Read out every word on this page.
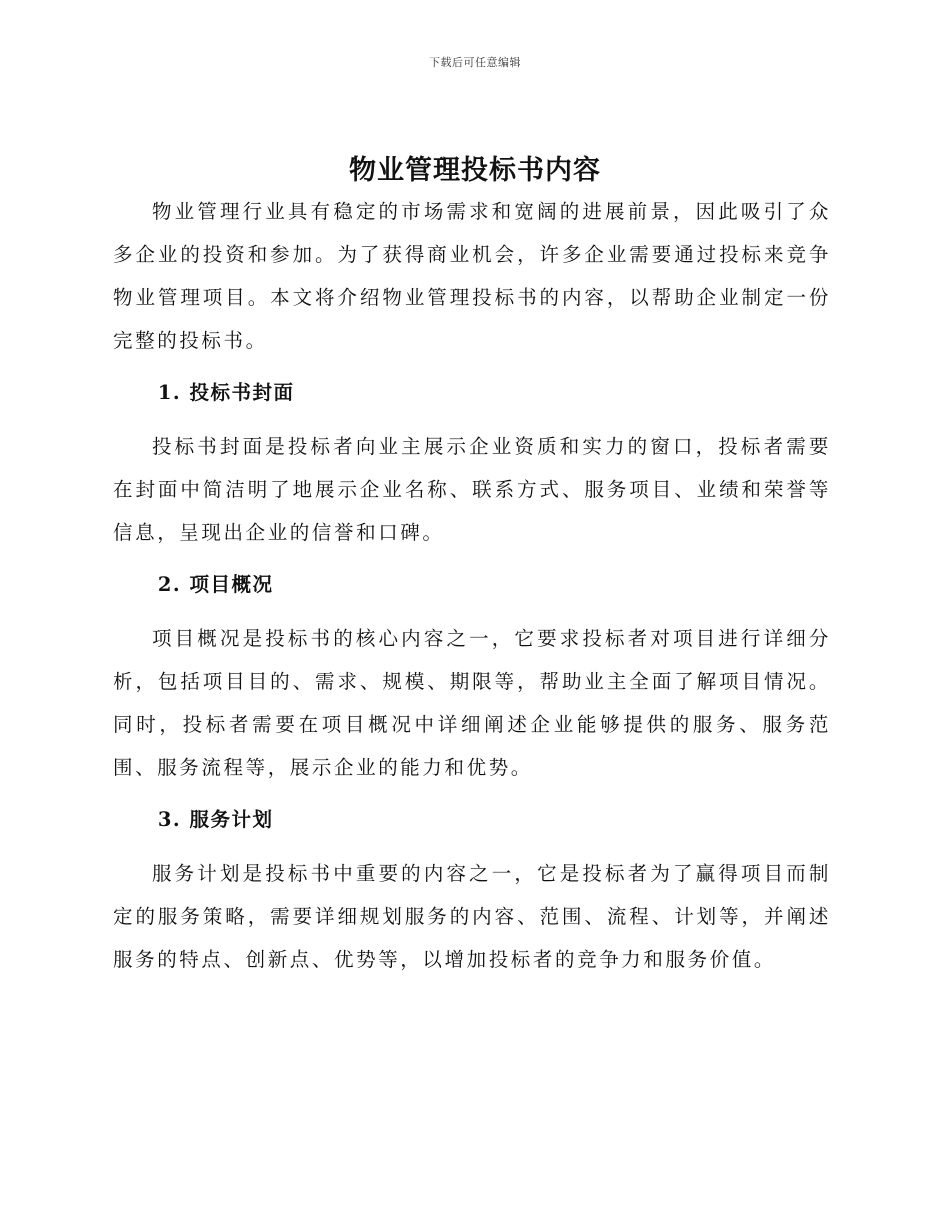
下载后可任意编辑
物业管理投标书内容

物业管理行业具有稳定的市场需求和宽阔的进展前景，因此吸引了众多企业的投资和参加。为了获得商业机会，许多企业需要通过投标来竞争物业管理项目。本文将介绍物业管理投标书的内容，以帮助企业制定一份完整的投标书。

1. 投标书封面

投标书封面是投标者向业主展示企业资质和实力的窗口，投标者需要在封面中简洁明了地展示企业名称、联系方式、服务项目、业绩和荣誉等信息，呈现出企业的信誉和口碑。

2. 项目概况

项目概况是投标书的核心内容之一，它要求投标者对项目进行详细分析，包括项目目的、需求、规模、期限等，帮助业主全面了解项目情况。同时，投标者需要在项目概况中详细阐述企业能够提供的服务、服务范围、服务流程等，展示企业的能力和优势。

3. 服务计划

服务计划是投标书中重要的内容之一，它是投标者为了赢得项目而制定的服务策略，需要详细规划服务的内容、范围、流程、计划等，并阐述服务的特点、创新点、优势等，以增加投标者的竞争力和服务价值。
